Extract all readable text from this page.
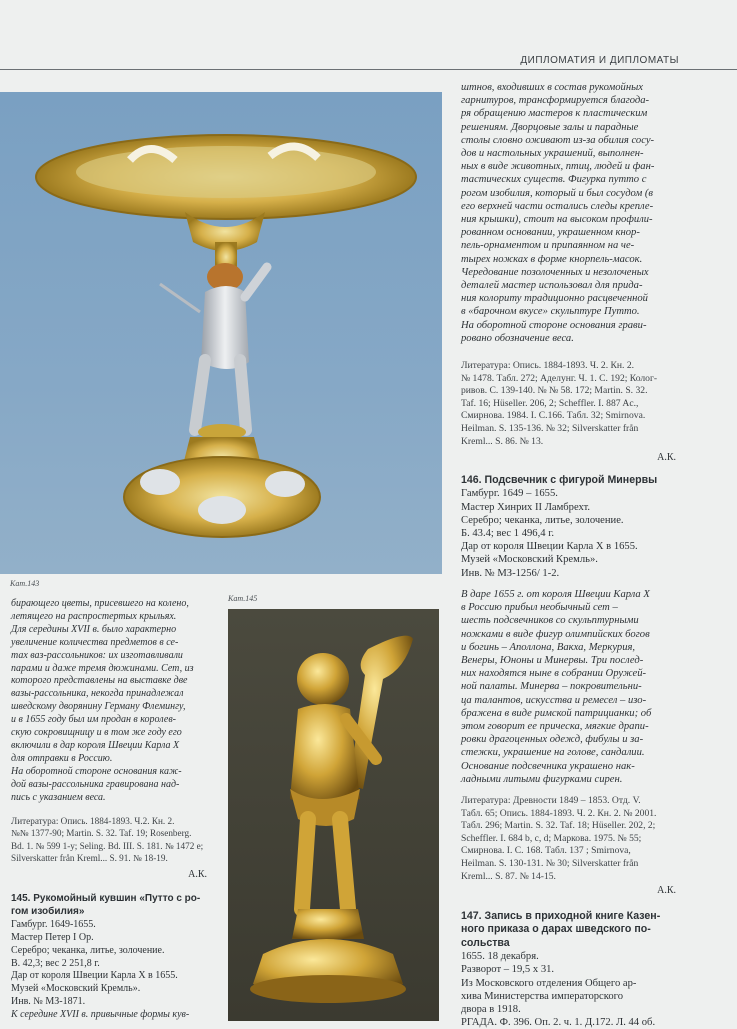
ДИПЛОМАТИЯ И ДИПЛОМАТЫ
Кат.143
Кат.145
штнов, входивших в состав рукомойных
гарнитуров, трансформируется благода-
ря обращению мастеров к пластическим
решениям. Дворцовые залы и парадные
столы словно оживают из-за обилия сосу-
дов и настольных украшений, выполнен-
ных в виде животных, птиц, людей и фан-
тастических существ. Фигурка путто с
рогом изобилия, который и был сосудом (в
его верхней части остались следы крепле-
ния крышки), стоит на высоком профили-
рованном основании, украшенном кнор-
пель-орнаментом и припаянном на че-
тырех ножках в форме кнорпель-масок.
Чередование позолоченных и незолоченых
деталей мастер использовал для прида-
ния колориту традиционно расцвеченной
в «барочном вкусе» скульптуре Путто.
На оборотной стороне основания грави-
ровано обозначение веса.
Литература: Опись. 1884-1893. Ч. 2. Кн. 2.
№ 1478. Табл. 272; Аделунг. Ч. 1. С. 192; Колог-
ривов. С. 139-140. № № 58. 172; Martin. S. 32.
Taf. 16; Hüseller. 206, 2; Scheffler. I. 887 Ac.,
Смирнова. 1984. I. С.166. Табл. 32; Smirnova.
Heilman. S. 135-136. № 32; Silverskatter från
Kreml... S. 86. № 13.
А.К.
146. Подсвечник с фигурой Минервы
Гамбург. 1649 – 1655.
Мастер Хинрих II Ламбрехт.
Серебро; чеканка, литье, золочение.
Б. 43.4; вес 1 496,4 г.
Дар от короля Швеции Карла Х в 1655.
Музей «Московский Кремль».
Инв. № МЗ-1256/ 1-2.
В даре 1655 г. от короля Швеции Карла Х
в Россию прибыл необычный сет –
шесть подсвечников со скульптурными
ножками в виде фигур олимпийских богов
и богинь – Аполлона, Вакха, Меркурия,
Венеры, Юноны и Минервы. Три послед-
них находятся ныне в собрании Оружей-
ной палаты. Минерва – покровительни-
ца талантов, искусства и ремесел – изо-
бражена в виде римской патрицианки; об
этом говорит ее прическа, мягкие драпи-
ровки драгоценных одежд, фибулы и за-
стежки, украшение на голове, сандалии.
Основание подсвечника украшено нак-
ладными литыми фигурками сирен.
Литература: Древности 1849 – 1853. Отд. V.
Табл. 65; Опись. 1884-1893. Ч. 2. Кн. 2. № 2001.
Табл. 296; Martin. S. 32. Taf. 18; Hüseller. 202, 2;
Scheffler. I. 684 b, c, d; Маркова. 1975. № 55;
Смирнова. I. С. 168. Табл. 137 ; Smirnova,
Heilman. S. 130-131. № 30; Silverskatter från
Kreml... S. 87. № 14-15.
А.К.
147. Запись в приходной книге Казен-
ного приказа о дарах шведского по-
сольства
1655. 18 декабря.
Разворот – 19,5 х 31.
Из Московского отделения Общего ар-
хива Министерства императорского
двора в 1918.
РГАДА. Ф. 396. Оп. 2. ч. 1. Д.172. Л. 44 об.
бирающего цветы, присевшего на колено,
летящего на распростертых крыльях.
Для середины XVII в. было характерно
увеличение количества предметов в се-
тах ваз-рассольников: их изготавливали
парами и даже тремя дюжинами. Сет, из
которого представлены на выставке две
вазы-рассольника, некогда принадлежал
шведскому дворянину Герману Флемингу,
и в 1655 году был им продан в королев-
скую сокровищницу и в том же году его
включили в дар короля Швеции Карла Х
для отправки в Россию.
На оборотной стороне основания каж-
дой вазы-рассольника гравирована над-
пись с указанием веса.
Литература: Опись. 1884-1893. Ч.2. Кн. 2.
№№ 1377-90; Martin. S. 32. Taf. 19; Rosenberg.
Bd. 1. № 599 1-у; Seling. Bd. III. S. 181. № 1472 е;
Silverskatter från Kreml... S. 91. № 18-19.
А.К.
145. Рукомойный кувшин «Путто с ро-
гом изобилия»
Гамбург. 1649-1655.
Мастер Петер I Ор.
Серебро; чеканка, литье, золочение.
В. 42,3; вес 2 251,8 г.
Дар от короля Швеции Карла Х в 1655.
Музей «Московский Кремль».
Инв. № МЗ-1871.
К середине XVII в. привычные формы кув-
